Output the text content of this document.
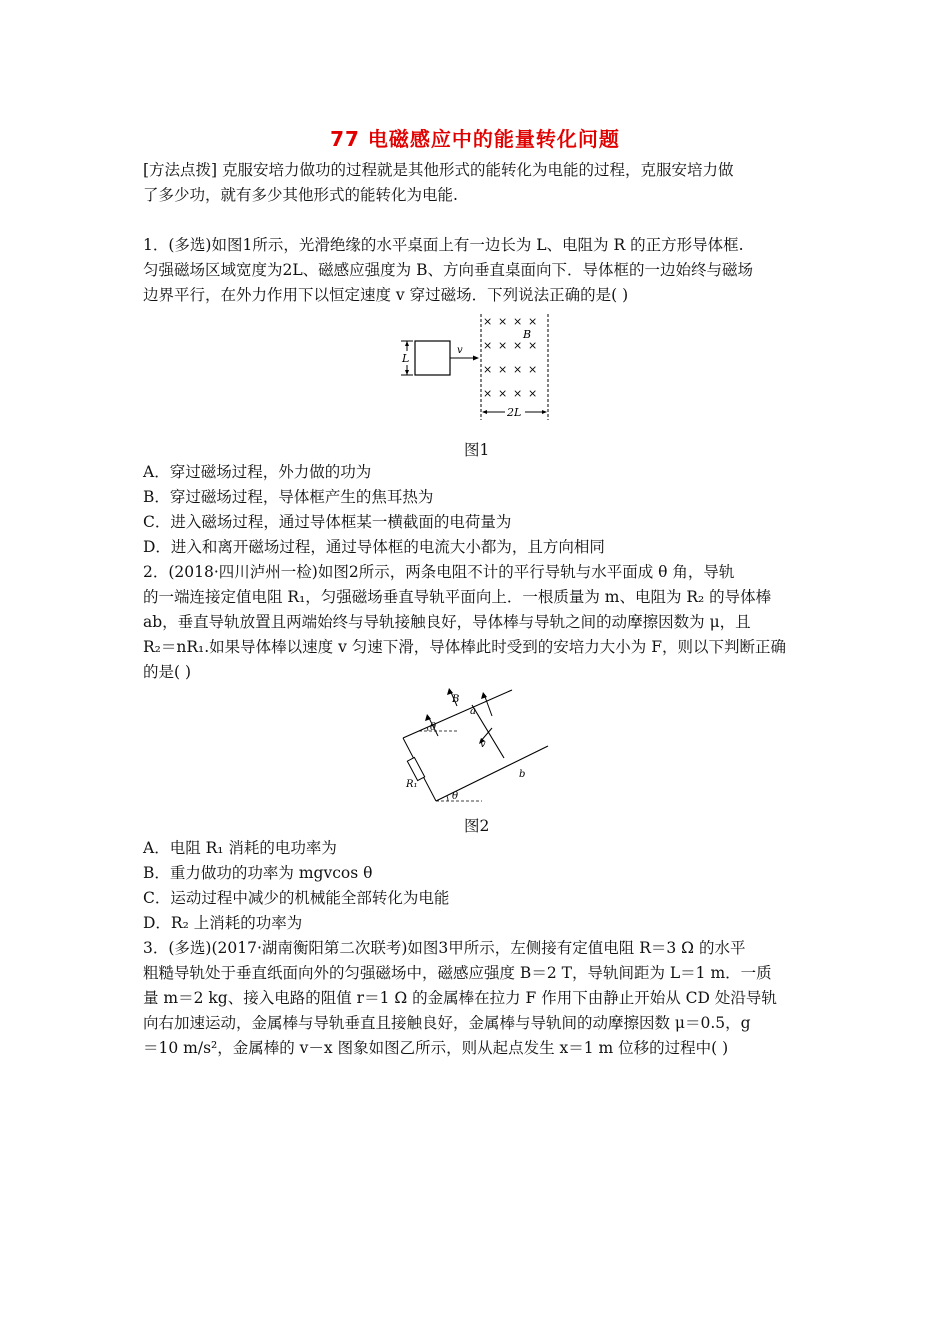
77 电磁感应中的能量转化问题
[方法点拨] 克服安培力做功的过程就是其他形式的能转化为电能的过程，克服安培力做
了多少功，就有多少其他形式的能转化为电能.
1．(多选)如图1所示，光滑绝缘的水平桌面上有一边长为 L、电阻为 R 的正方形导体框.
匀强磁场区域宽度为2L、磁感应强度为 B、方向垂直桌面向下．导体框的一边始终与磁场
边界平行，在外力作用下以恒定速度 v 穿过磁场．下列说法正确的是( )
L
v
× × × ×
× × × ×
× × × ×
× × × ×
B
2L
图1
A．穿过磁场过程，外力做的功为
B．穿过磁场过程，导体框产生的焦耳热为
C．进入磁场过程，通过导体框某一横截面的电荷量为
D．进入和离开磁场过程，通过导体框的电流大小都为，且方向相同
2．(2018·四川泸州一检)如图2所示，两条电阻不计的平行导轨与水平面成 θ 角，导轨
的一端连接定值电阻 R₁，匀强磁场垂直导轨平面向上．一根质量为 m、电阻为 R₂ 的导体棒
ab，垂直导轨放置且两端始终与导轨接触良好，导体棒与导轨之间的动摩擦因数为 μ，且
R₂＝nR₁.如果导体棒以速度 v 匀速下滑，导体棒此时受到的安培力大小为 F，则以下判断正确
的是( )
R₁
θ
θ
a
b
B
v
图2
A．电阻 R₁ 消耗的电功率为
B．重力做功的功率为 mgvcos θ
C．运动过程中减少的机械能全部转化为电能
D．R₂ 上消耗的功率为
3．(多选)(2017·湖南衡阳第二次联考)如图3甲所示，左侧接有定值电阻 R＝3 Ω 的水平
粗糙导轨处于垂直纸面向外的匀强磁场中，磁感应强度 B＝2 T，导轨间距为 L＝1 m．一质
量 m＝2 kg、接入电路的阻值 r＝1 Ω 的金属棒在拉力 F 作用下由静止开始从 CD 处沿导轨
向右加速运动，金属棒与导轨垂直且接触良好，金属棒与导轨间的动摩擦因数 μ＝0.5，g
＝10 m/s²，金属棒的 v－x 图象如图乙所示，则从起点发生 x＝1 m 位移的过程中( )
